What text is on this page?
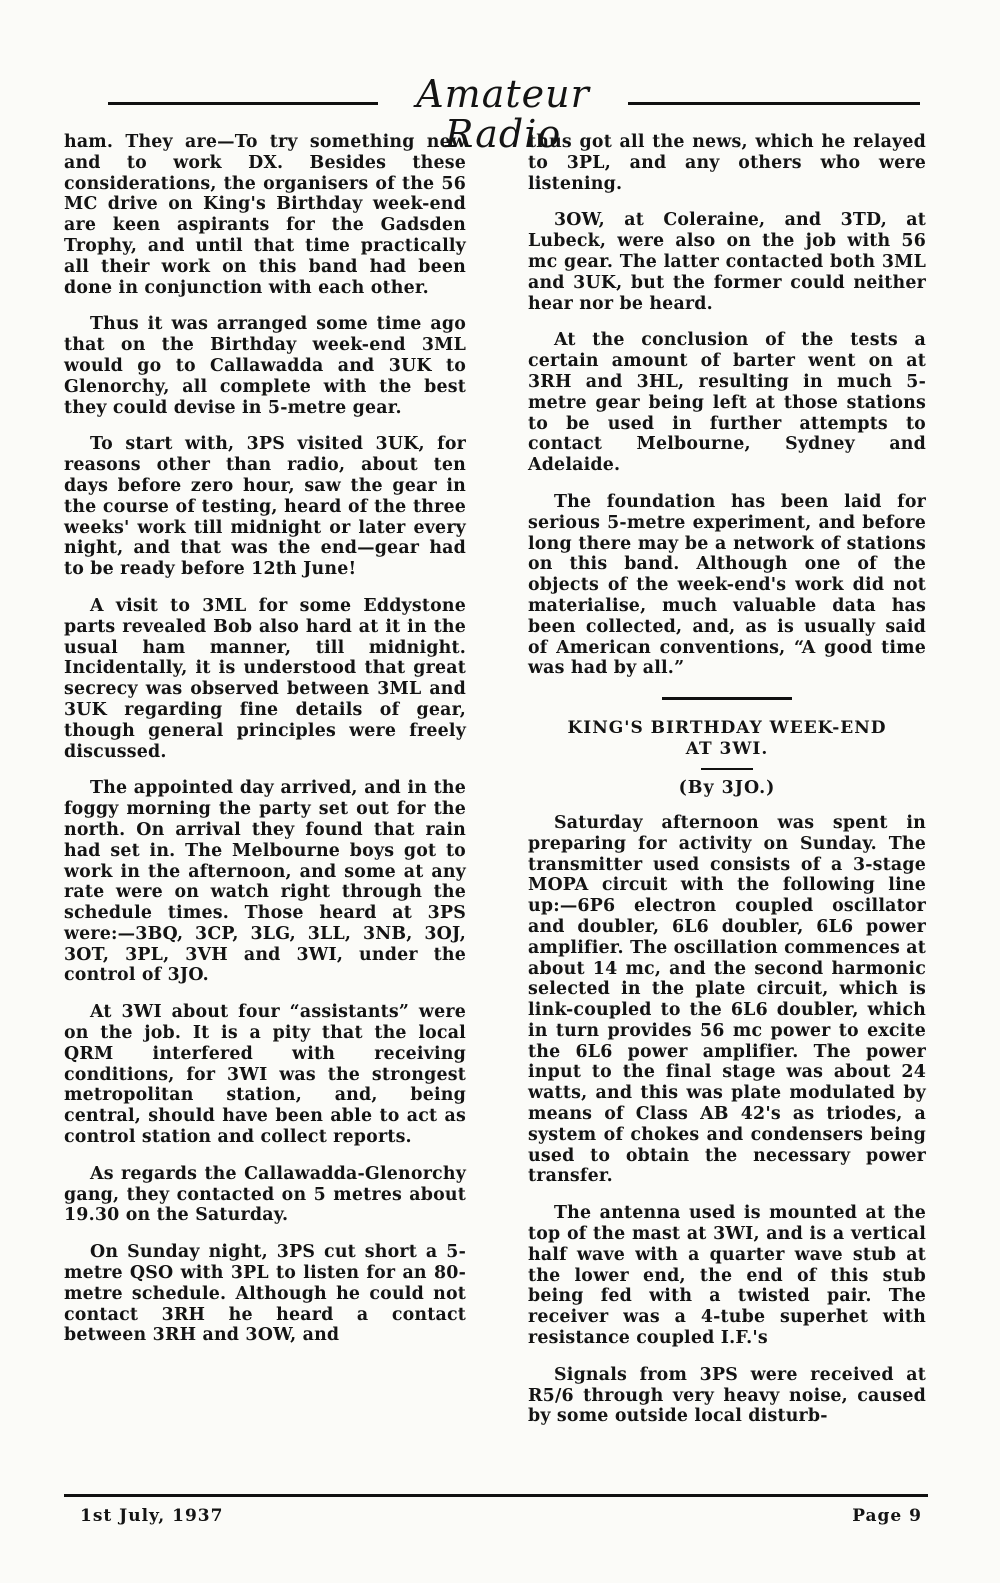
Amateur Radio

ham. They are—To try something new and to work DX. Besides these considerations, the organisers of the 56 MC drive on King's Birthday week-end are keen aspirants for the Gadsden Trophy, and until that time practically all their work on this band had been done in conjunction with each other.

Thus it was arranged some time ago that on the Birthday week-end 3ML would go to Callawadda and 3UK to Glenorchy, all complete with the best they could devise in 5-metre gear.

To start with, 3PS visited 3UK, for reasons other than radio, about ten days before zero hour, saw the gear in the course of testing, heard of the three weeks' work till midnight or later every night, and that was the end—gear had to be ready before 12th June!

A visit to 3ML for some Eddystone parts revealed Bob also hard at it in the usual ham manner, till midnight. Incidentally, it is understood that great secrecy was observed between 3ML and 3UK regarding fine details of gear, though general principles were freely discussed.

The appointed day arrived, and in the foggy morning the party set out for the north. On arrival they found that rain had set in. The Melbourne boys got to work in the afternoon, and some at any rate were on watch right through the schedule times. Those heard at 3PS were:—3BQ, 3CP, 3LG, 3LL, 3NB, 3OJ, 3OT, 3PL, 3VH and 3WI, under the control of 3JO.

At 3WI about four “assistants” were on the job. It is a pity that the local QRM interfered with receiving conditions, for 3WI was the strongest metropolitan station, and, being central, should have been able to act as control station and collect reports.

As regards the Callawadda-Glenorchy gang, they contacted on 5 metres about 19.30 on the Saturday.

On Sunday night, 3PS cut short a 5-metre QSO with 3PL to listen for an 80-metre schedule. Although he could not contact 3RH he heard a contact between 3RH and 3OW, and

thus got all the news, which he relayed to 3PL, and any others who were listening.

3OW, at Coleraine, and 3TD, at Lubeck, were also on the job with 56 mc gear. The latter contacted both 3ML and 3UK, but the former could neither hear nor be heard.

At the conclusion of the tests a certain amount of barter went on at 3RH and 3HL, resulting in much 5-metre gear being left at those stations to be used in further attempts to contact Melbourne, Sydney and Adelaide.

The foundation has been laid for serious 5-metre experiment, and before long there may be a network of stations on this band. Although one of the objects of the week-end's work did not materialise, much valuable data has been collected, and, as is usually said of American conventions, “A good time was had by all.”

KING'S BIRTHDAY WEEK-END
AT 3WI.
(By 3JO.)

Saturday afternoon was spent in preparing for activity on Sunday. The transmitter used consists of a 3-stage MOPA circuit with the following line up:—6P6 electron coupled oscillator and doubler, 6L6 doubler, 6L6 power amplifier. The oscillation commences at about 14 mc, and the second harmonic selected in the plate circuit, which is link-coupled to the 6L6 doubler, which in turn provides 56 mc power to excite the 6L6 power amplifier. The power input to the final stage was about 24 watts, and this was plate modulated by means of Class AB 42's as triodes, a system of chokes and condensers being used to obtain the necessary power transfer.

The antenna used is mounted at the top of the mast at 3WI, and is a vertical half wave with a quarter wave stub at the lower end, the end of this stub being fed with a twisted pair. The receiver was a 4-tube superhet with resistance coupled I.F.'s

Signals from 3PS were received at R5/6 through very heavy noise, caused by some outside local disturb-

1st July, 1937	Page 9
